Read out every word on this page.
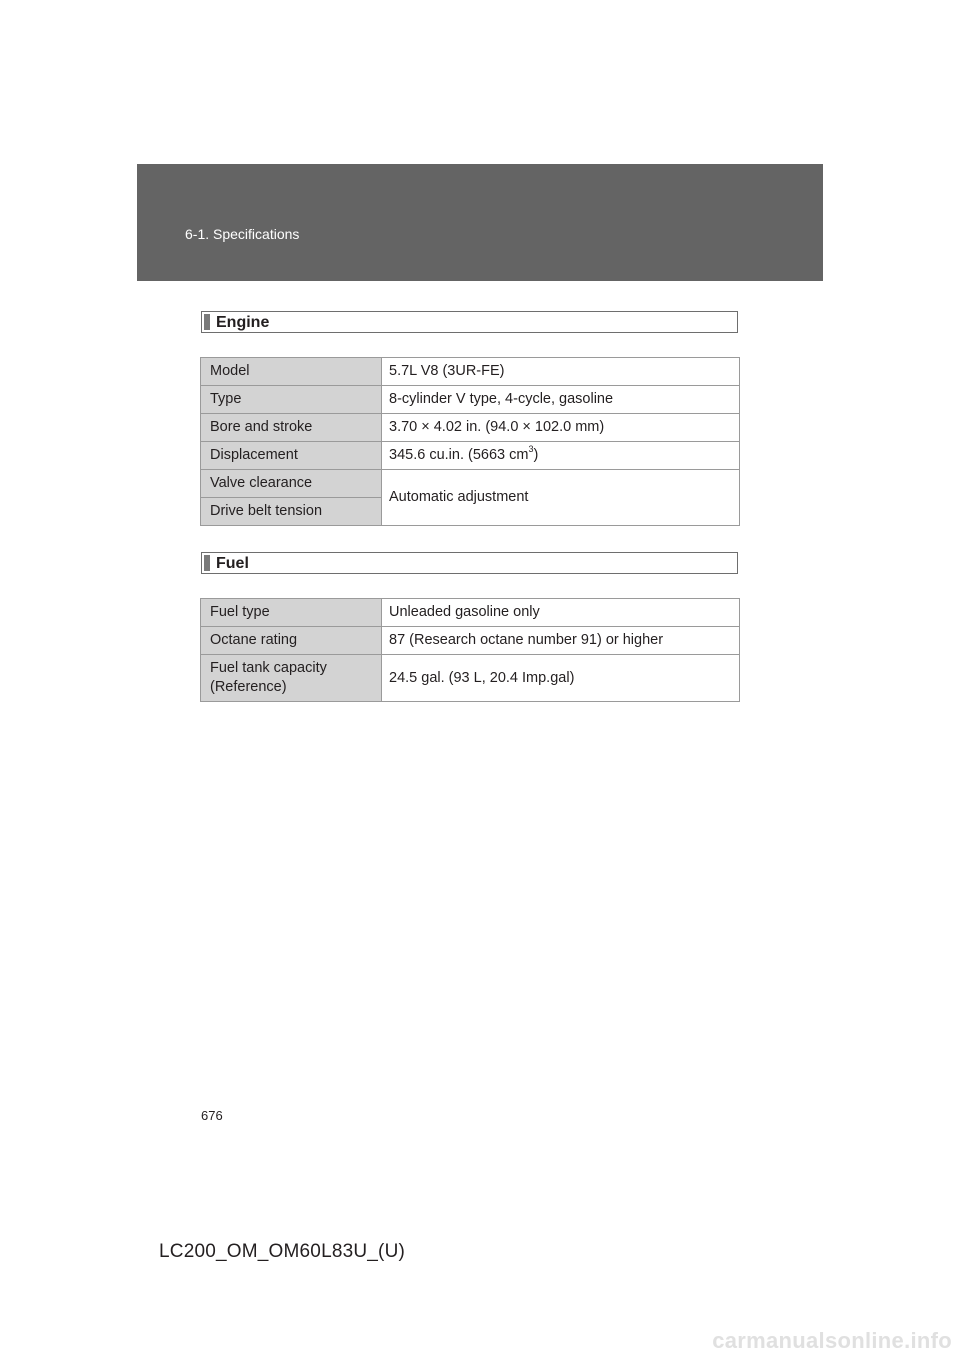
6-1. Specifications
Engine
Model	5.7L V8 (3UR-FE)
Type	8-cylinder V type, 4-cycle, gasoline
Bore and stroke	3.70 × 4.02 in. (94.0 × 102.0 mm)
Displacement	345.6 cu.in. (5663 $cm^3$)
Valve clearance	Automatic adjustment
Drive belt tension	
Fuel
Fuel type	Unleaded gasoline only
Octane rating	87 (Research octane number 91) or higher
Fuel tank capacity
(Reference)	24.5 gal. (93 L, 20.4 Imp.gal)
676
LC200_OM_OM60L83U_(U)
carmanualsonline.info
